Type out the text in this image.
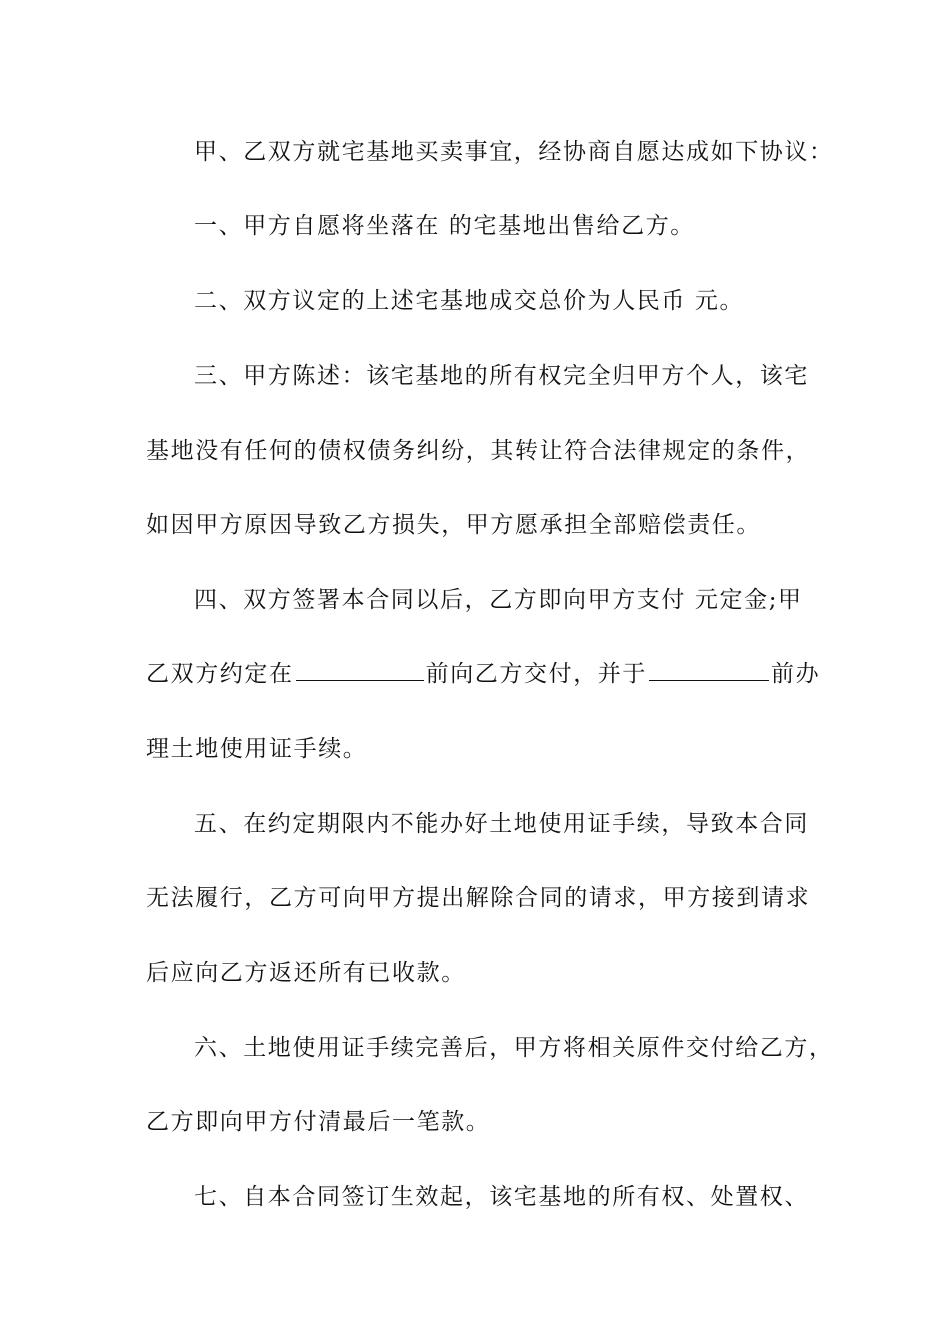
甲、乙双方就宅基地买卖事宜，经协商自愿达成如下协议：
一、甲方自愿将坐落在 的宅基地出售给乙方。
二、双方议定的上述宅基地成交总价为人民币 元。
三、甲方陈述：该宅基地的所有权完全归甲方个人，该宅
基地没有任何的债权债务纠纷，其转让符合法律规定的条件，
如因甲方原因导致乙方损失，甲方愿承担全部赔偿责任。
四、双方签署本合同以后，乙方即向甲方支付 元定金;甲
乙双方约定在	前向乙方交付，并于	前办
理土地使用证手续。
五、在约定期限内不能办好土地使用证手续，导致本合同
无法履行，乙方可向甲方提出解除合同的请求，甲方接到请求
后应向乙方返还所有已收款。
六、土地使用证手续完善后，甲方将相关原件交付给乙方，
乙方即向甲方付清最后一笔款。
七、自本合同签订生效起，该宅基地的所有权、处置权、
